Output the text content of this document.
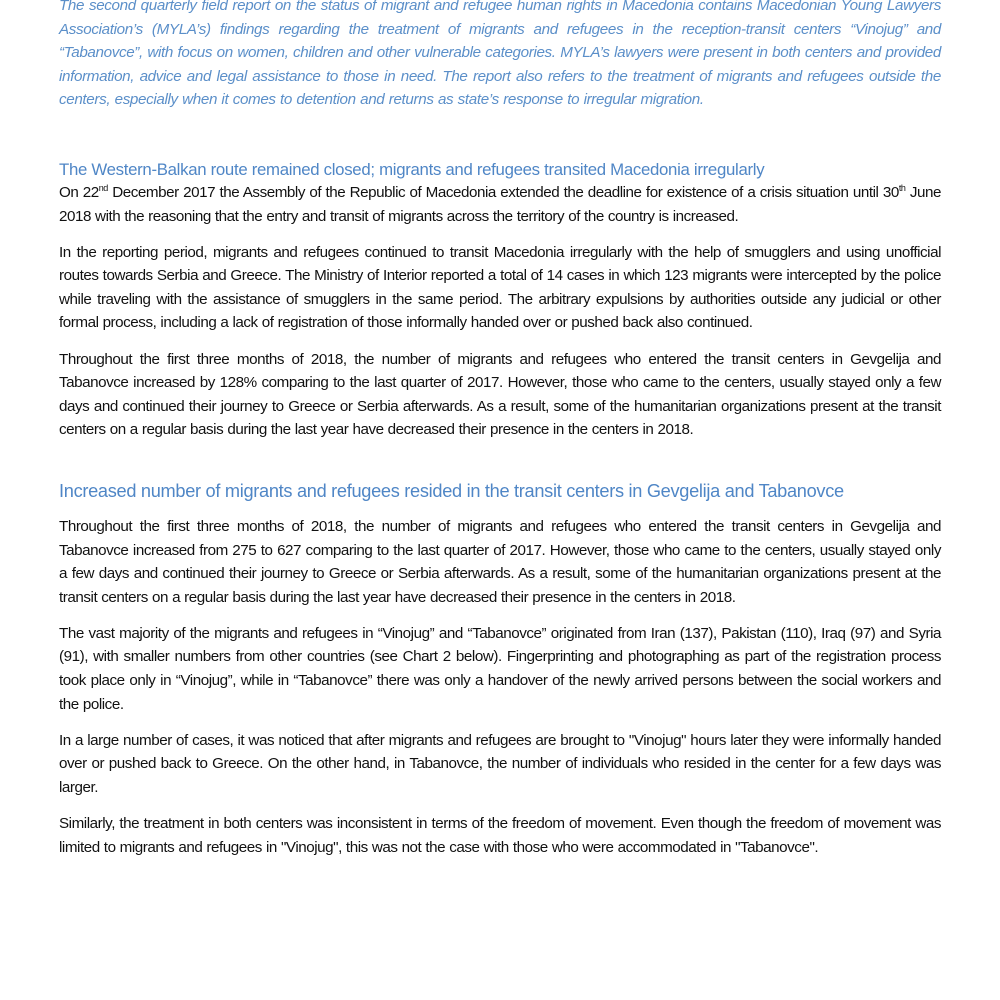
The second quarterly field report on the status of migrant and refugee human rights in Macedonia contains Macedonian Young Lawyers Association’s (MYLA’s) findings regarding the treatment of migrants and refugees in the reception-transit centers “Vinojug” and “Tabanovce”, with focus on women, children and other vulnerable categories. MYLA’s lawyers were present in both centers and provided information, advice and legal assistance to those in need. The report also refers to the treatment of migrants and refugees outside the centers, especially when it comes to detention and returns as state’s response to irregular migration.

The Western-Balkan route remained closed; migrants and refugees transited Macedonia irregularly

On 22nd December 2017 the Assembly of the Republic of Macedonia extended the deadline for existence of a crisis situation until 30th June 2018 with the reasoning that the entry and transit of migrants across the territory of the country is increased.

In the reporting period, migrants and refugees continued to transit Macedonia irregularly with the help of smugglers and using unofficial routes towards Serbia and Greece. The Ministry of Interior reported a total of 14 cases in which 123 migrants were intercepted by the police while traveling with the assistance of smugglers in the same period. The arbitrary expulsions by authorities outside any judicial or other formal process, including a lack of registration of those informally handed over or pushed back also continued.

Throughout the first three months of 2018, the number of migrants and refugees who entered the transit centers in Gevgelija and Tabanovce increased by 128% comparing to the last quarter of 2017. However, those who came to the centers, usually stayed only a few days and continued their journey to Greece or Serbia afterwards. As a result, some of the humanitarian organizations present at the transit centers on a regular basis during the last year have decreased their presence in the centers in 2018.

Increased number of migrants and refugees resided in the transit centers in Gevgelija and Tabanovce

Throughout the first three months of 2018, the number of migrants and refugees who entered the transit centers in Gevgelija and Tabanovce increased from 275 to 627 comparing to the last quarter of 2017. However, those who came to the centers, usually stayed only a few days and continued their journey to Greece or Serbia afterwards. As a result, some of the humanitarian organizations present at the transit centers on a regular basis during the last year have decreased their presence in the centers in 2018.

The vast majority of the migrants and refugees in “Vinojug” and “Tabanovce” originated from Iran (137), Pakistan (110), Iraq (97) and Syria (91), with smaller numbers from other countries (see Chart 2 below). Fingerprinting and photographing as part of the registration process took place only in “Vinojug”, while in “Tabanovce” there was only a handover of the newly arrived persons between the social workers and the police.

In a large number of cases, it was noticed that after migrants and refugees are brought to "Vinojug" hours later they were informally handed over or pushed back to Greece. On the other hand, in Tabanovce, the number of individuals who resided in the center for a few days was larger.

Similarly, the treatment in both centers was inconsistent in terms of the freedom of movement. Even though the freedom of movement was limited to migrants and refugees in "Vinojug", this was not the case with those who were accommodated in "Tabanovce".
